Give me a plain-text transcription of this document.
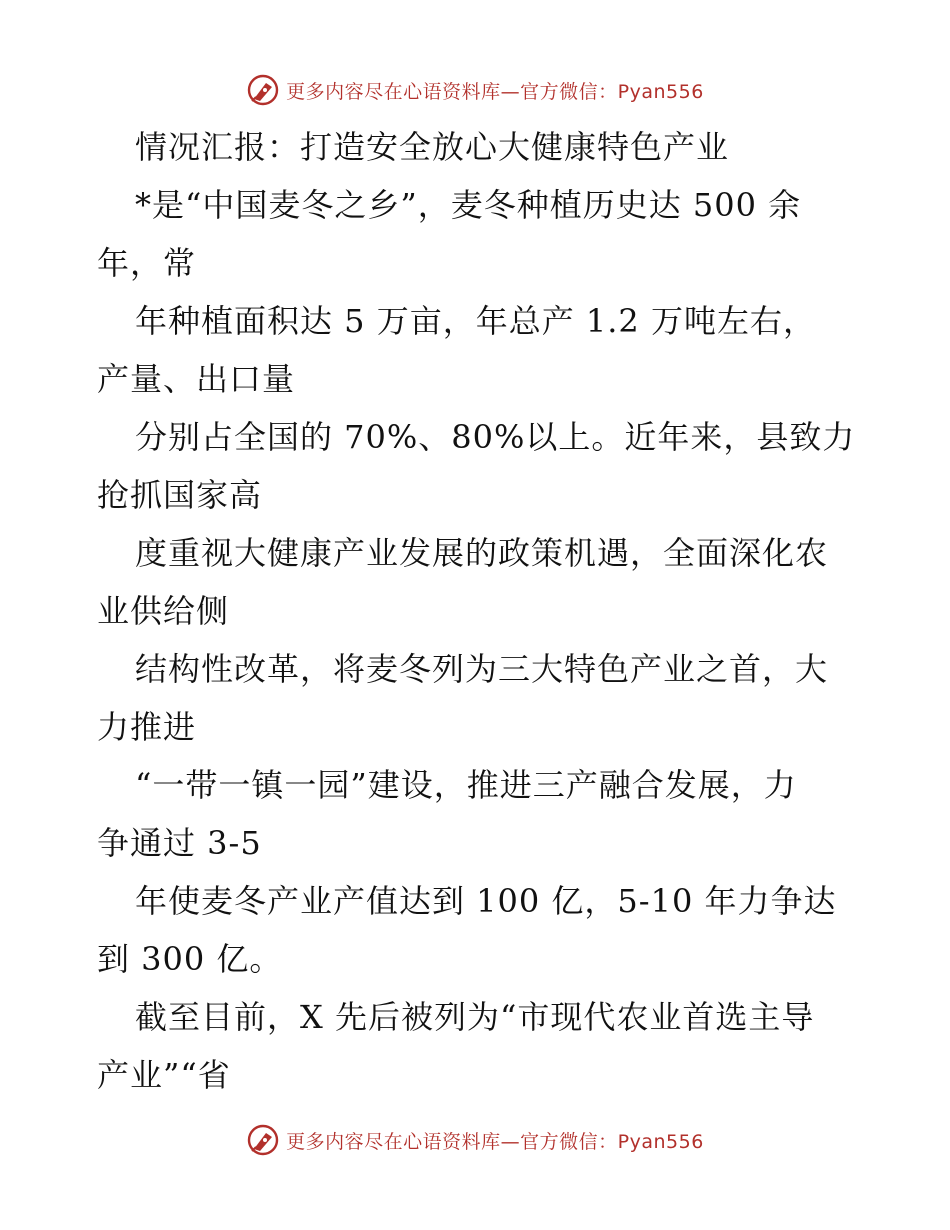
更多内容尽在心语资料库—官方微信：Pyan556
情况汇报：打造安全放心大健康特色产业
*是“中国麦冬之乡”，麦冬种植历史达 500 余
年，常
年种植面积达 5 万亩，年总产 1.2 万吨左右，
产量、出口量
分别占全国的 70%、80%以上。近年来，县致力
抢抓国家高
度重视大健康产业发展的政策机遇，全面深化农
业供给侧
结构性改革，将麦冬列为三大特色产业之首，大
力推进
“一带一镇一园”建设，推进三产融合发展，力
争通过 3-5
年使麦冬产业产值达到 100 亿，5-10 年力争达
到 300 亿。
截至目前，X 先后被列为“市现代农业首选主导
产业”“省
更多内容尽在心语资料库—官方微信：Pyan556
